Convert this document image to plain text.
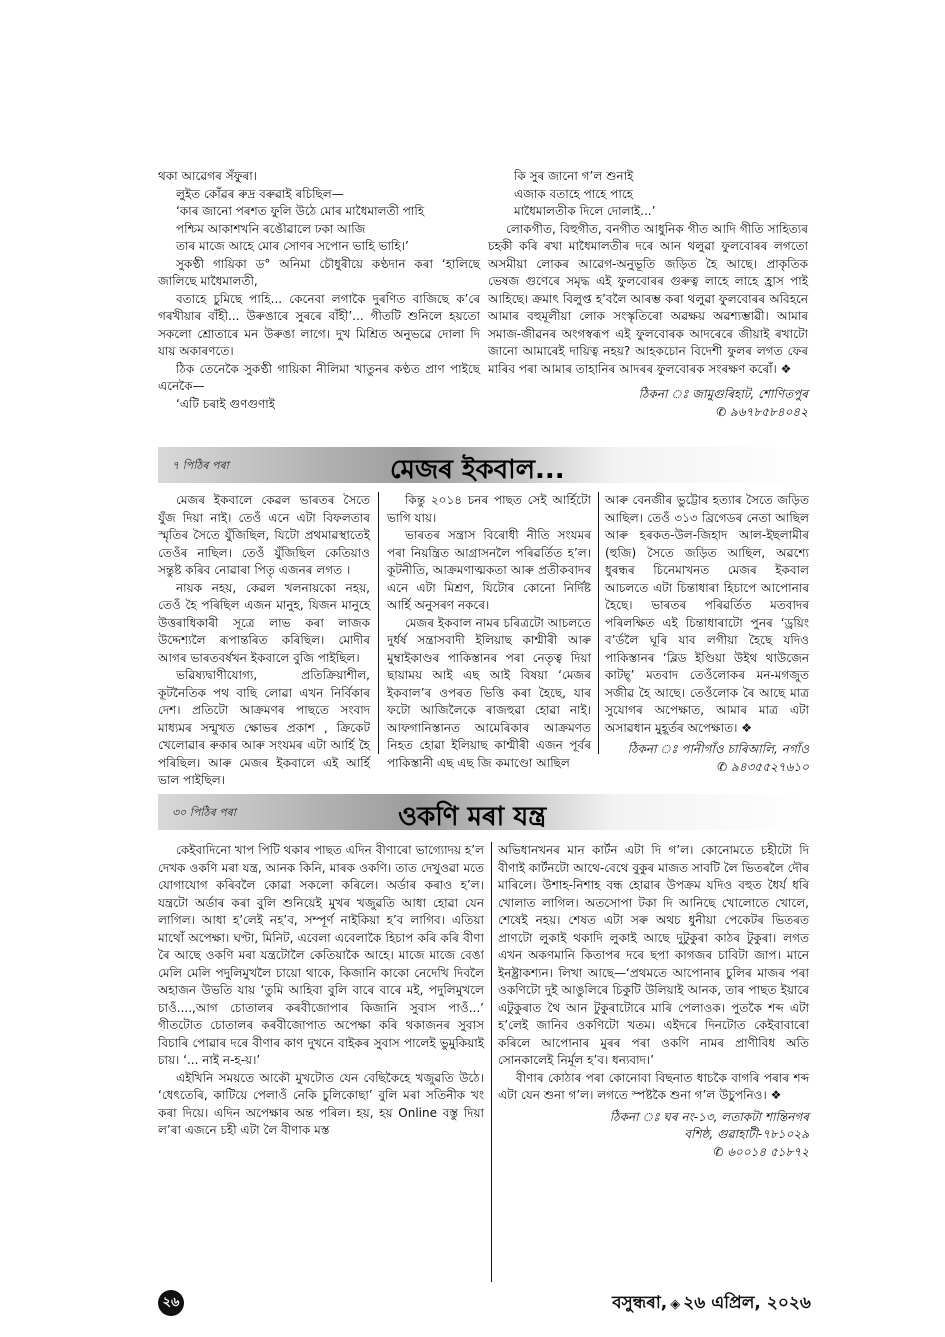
থকা আৱেগৰ সঁফুৰা।

লুইত কোঁৱৰ ৰুদ্ৰ বৰুৱাই ৰচিছিল—

‘কাৰ জানো পৰশত ফুলি উঠে মোৰ মাধৈমালতী পাহি

পশ্চিম আকাশখনি ৰঙৌৱালে ঢকা আজি

তাৰ মাজে আহে মোৰ সোণৰ সপোন ভাহি ভাহি।’

সুকণ্ঠী গায়িকা ড° অনিমা চৌধুৰীয়ে কণ্ঠদান কৰা ‘হালিছে জালিছে মাধৈমালতী,

বতাহে চুমিছে পাহি... কেনেবা লগাকৈ দুৰণিত বাজিছে ক’ৰে গৰখীয়াৰ বাঁহী... উৰুঙাৰে সুৰৰে বাঁহী’... গীতটি শুনিলে হয়তো সকলো শ্ৰোতাৰে মন উৰুঙা লাগে। দুখ মিশ্ৰিত অনুভৱে দোলা দি যায় অকাৰণতে।

ঠিক তেনেকৈ সুকণ্ঠী গায়িকা নীলিমা খাতুনৰ কণ্ঠত প্ৰাণ পাইছে এনেকৈ—

‘এটি চৰাই গুণগুণাই

কি সুৰ জানো গ’ল শুনাই

এজাক বতাহে পাহে পাহে

মাধৈমালতীক দিলে দোলাই...’

লোকগীত, বিহুগীত, বনগীত আধুনিক গীত আদি গীতি সাহিত্যৰ চহকী কৰি ৰখা মাধৈমালতীৰ দৰে আন থলুৱা ফুলবোৰৰ লগতো অসমীয়া লোকৰ আৱেগ-অনুভূতি জড়িত হৈ আছে। প্ৰাকৃতিক ভেষজ গুণেৰে সমৃদ্ধ এই ফুলবোৰৰ গুৰুত্ব লাহে লাহে হ্ৰাস পাই আহিছে। ক্ৰমাৎ বিলুপ্ত হ’বলৈ আৰম্ভ কৰা থলুৱা ফুলবোৰৰ অবিহনে আমাৰ বহুমূলীয়া লোক সংস্কৃতিৰো অৱক্ষয় অৱশ্যম্ভাৱী। আমাৰ সমাজ-জীৱনৰ অংগস্বৰূপ এই ফুলবোৰক আদৰেৰে জীয়াই ৰখাটো জানো আমাৰেই দায়িত্ব নহয়? আহকচোন বিদেশী ফুলৰ লগত ফেৰ মাৰিব পৰা আমাৰ তাহানিৰ আদৰৰ ফুলবোৰক সংৰক্ষণ কৰোঁ। ❖

ঠিকনা ঃ জামুগুৰিহাট, শোণিতপুৰ

✆ ৯৬৭৮৫৮৪০৪২

৭ পিঠিৰ পৰা	মেজৰ ইকবাল...

মেজৰ ইকবালে কেৱল ভাৰতৰ সৈতে যুঁজ দিয়া নাই। তেওঁ এনে এটা বিফলতাৰ স্মৃতিৰ সৈতে যুঁজিছিল, যিটো প্ৰথমাৱস্থাতেই তেওঁৰ নাছিল। তেওঁ যুঁজিছিল কেতিয়াও সন্তুষ্ট কৰিব নোৱাৰা পিতৃ এজনৰ লগত ।

নায়ক নহয়, কেৱল খলনায়কো নহয়, তেওঁ হৈ পৰিছিল এজন মানুহ, যিজন মানুহে উত্তৰাধিকাৰী সূত্ৰে লাভ কৰা লাজক উদ্দেশ্যলৈ ৰূপান্তৰিত কৰিছিল। মোদীৰ আগৰ ভাৰতবৰ্ষখন ইকবালে বুজি পাইছিল।

ভৱিষ্যদ্বাণীযোগ্য, প্ৰতিক্ৰিয়াশীল, কূটনৈতিক পথ বাছি লোৱা এখন নিৰ্বিকাৰ দেশ। প্ৰতিটো আক্ৰমণৰ পাছতে সংবাদ মাধ্যমৰ সন্মুখত ক্ষোভৰ প্ৰকাশ , ক্ৰিকেট খেলোৱাৰ ৰুকাৰ আৰু সংযমৰ এটা আৰ্হি হৈ পৰিছিল। আৰু মেজৰ ইকবালে এই আৰ্হি ভাল পাইছিল।

কিন্তু ২০১৪ চনৰ পাছত সেই আৰ্হিটো ভাগি যায়।

ভাৰতৰ সন্ত্ৰাস বিৰোধী নীতি সংযমৰ পৰা নিয়ন্ত্ৰিত আগ্ৰাসনলৈ পৰিৱৰ্তিত হ’ল। কূটনীতি, আক্ৰমণাত্মকতা আৰু প্ৰতীকবাদৰ এনে এটা মিশ্ৰণ, যিটোৰ কোনো নিৰ্দিষ্ট আৰ্হি অনুসৰণ নকৰে।

মেজৰ ইকবাল নামৰ চৰিত্ৰটো আচলতে দুৰ্ধৰ্ষ সন্ত্ৰাসবাদী ইলিয়াছ কাশ্মীৰী আৰু মুম্বাইকাণ্ডৰ পাকিস্তানৰ পৰা নেতৃত্ব দিয়া ছায়াময় আই এছ আই বিষয়া ‘মেজৰ ইকবাল’ৰ ওপৰত ভিত্তি কৰা হৈছে, যাৰ ফটো আজিলৈকে ৰাজহুৱা হোৱা নাই। আফগানিস্তানত আমেৰিকাৰ আক্ৰমণত নিহত হোৱা ইলিয়াছ কাশ্মীৰী এজন পূৰ্বৰ পাকিস্তানী এছ এছ জি কমাণ্ডো আছিল

আৰু বেনজীৰ ভুট্টোৰ হত্যাৰ সৈতে জড়িত আছিল। তেওঁ ৩১৩ ব্ৰিগেডৰ নেতা আছিল আৰু হৰকত-উল-জিহাদ আল-ইছলামীৰ (হুজি) সৈতে জড়িত আছিল, অৱশ্যে ধুৰন্ধৰ চিনেমাখনত মেজৰ ইকবাল আচলতে এটা চিন্তাধাৰা হিচাপে আপোনাৰ হৈছে। ভাৰতৰ পৰিৱৰ্তিত মতবাদৰ পৰিলক্ষিত এই চিন্তাধাৰাটো পুনৰ ‘ড্ৰয়িং ব’ৰ্ডলৈ ঘূৰি যাব লগীয়া হৈছে যদিও পাকিস্তানৰ ‘ব্লিড ইণ্ডিয়া উইথ থাউজেন কাটছ্’ মতবাদ তেওঁলোকৰ মন-মগজুত সজীৱ হৈ আছে। তেওঁলোক ৰৈ আছে মাত্ৰ সুযোগৰ অপেক্ষাত, আমাৰ মাত্ৰ এটা অসাৱধান মুহূৰ্তৰ অপেক্ষাত। ❖

ঠিকনা ঃ পানীগাঁও চাৰিআলি, নগাঁও

✆ ৯৪৩৫৫২৭৬১০

৩০ পিঠিৰ পৰা	ওকণি মৰা যন্ত্ৰ

কেইবাদিনো খাপ পিটি থকাৰ পাছত এদিন বীণাৰো ভাগ্যোদয় হ’ল দেখক ওকণি মৰা যন্ত্ৰ, আনক কিনি, মাৰক ওকণি। তাত দেখুওৱা মতে যোগাযোগ কৰিবলৈ কোৱা সকলো কৰিলে। অৰ্ডাৰ কৰাও হ’ল। যন্ত্ৰটো অৰ্ডাৰ কৰা বুলি শুনিয়েই মুখৰ খজুৱতি আধা হোৱা যেন লাগিল। আধা হ’লেই নহ’ব, সম্পূৰ্ণ নাইকিয়া হ’ব লাগিব। এতিয়া মাথোঁ অপেক্ষা। ঘণ্টা, মিনিট, এবেলা এবেলাকৈ হিচাপ কৰি কৰি বীণা ৰৈ আছে ওকণি মৰা যন্ত্ৰটোলৈ কেতিয়াকৈ আহে। মাজে মাজে বেঙা মেলি মেলি পদুলিমুখলৈ চায়ো থাকে, কিজানি কাকো নেদেখি দিবলৈ অহাজন উভতি যায় ‘তুমি আহিবা বুলি বাৰে বাৰে মই, পদুলিমুখলে চাওঁ....,আগ চোতালৰ কৰবীজোপাৰ কিজানি সুবাস পাওঁ...’ গীতটোত চোতালৰ কৰবীজোপাত অপেক্ষা কৰি থকাজনৰ সুবাস বিচাৰি পোৱাৰ দৰে বীণাৰ কাণ দুখনে বাইকৰ সুবাস পালেই ভুমুকিয়াই চায়। ‘... নাই ন-হ-য়।’

এইখিনি সময়তে আকৌ মুখটোত যেন বেছিকৈহে খজুৱতি উঠে। ‘ধেৎতেৰি, কাটিয়ে পেলাওঁ নেকি চুলিকোছা’ বুলি মৰা সতিনীক খং কৰা দিয়ে। এদিন অপেক্ষাৰ অন্ত পৰিল। হয়, হয় Online বস্তু দিয়া ল’ৰা এজনে চহী এটা লৈ বীণাক মস্ত

অভিধানখনৰ মান কাৰ্টন এটা দি গ’ল। কোনোমতে চহীটো দি বীণাই কাৰ্টনটো আথে-বেথে বুকুৰ মাজত সাবটি লৈ ভিতৰলৈ দৌৰ মাৰিলে। উশাহ-নিশাহ বন্ধ হোৱাৰ উপক্ৰম যদিও বহুত ধৈৰ্য ধৰি খোলাত লাগিল। অতসোপা টকা দি আনিছে খোলোতে খোলে, শেষেই নহয়। শেষত এটা সৰু অথচ ধুনীয়া পেকেটৰ ভিতৰত প্ৰাণটো লুকাই থকাদি লুকাই আছে দুটুকুৰা কাঠৰ টুকুৰা। লগত এখন অকণমানি কিতাপৰ দৰে ছপা কাগজৰ চাবিটা জাপ। মানে ইনষ্ট্ৰাকশ্যন। লিখা আছে—‘প্ৰথমতে আপোনাৰ চুলিৰ মাজৰ পৰা ওকণিটো দুই আঙুলিৰে চিকুটি উলিয়াই আনক, তাৰ পাছত ইয়াৰে এটুকুৰাত থৈ আন টুকুৰাটোৰে মাৰি পেলাওক। পুতকৈ শব্দ এটা হ’লেই জানিব ওকণিটো খতম। এইদৰে দিনটোত কেইবাবাৰো কৰিলে আপোনাৰ মুৰৰ পৰা ওকণি নামৰ প্ৰাণীবিধ অতি সোনকালেই নিৰ্মূল হ’ব। ধন্যবাদ।’

বীণাৰ কোঠাৰ পৰা কোনোবা বিছনাত ধাচকৈ বাগৰি পৰাৰ শব্দ এটা যেন শুনা গ’ল। লগতে স্পষ্টকৈ শুনা গ’ল উচুপনিও। ❖

ঠিকনা ঃ ঘৰ নং-১৩, লতাকটা শান্তিনগৰ

বশিষ্ঠ, গুৱাহাটী-৭৮১০২৯

✆ ৬০০১৪ ৫১৮৭২

২৬	বসুন্ধৰা, ◈ ২৬ এপ্ৰিল, ২০২৬
